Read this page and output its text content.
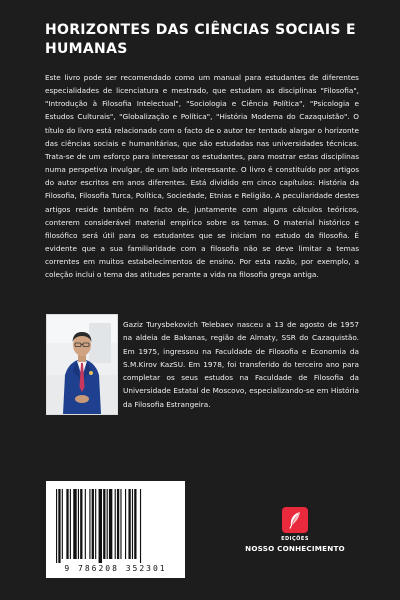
HORIZONTES DAS CIÊNCIAS SOCIAIS E HUMANAS

Este livro pode ser recomendado como um manual para estudantes de diferentes especialidades de licenciatura e mestrado, que estudam as disciplinas "Filosofia", "Introdução à Filosofia Intelectual", "Sociologia e Ciência Política", "Psicologia e Estudos Culturais", "Globalização e Política", "História Moderna do Cazaquistão". O título do livro está relacionado com o facto de o autor ter tentado alargar o horizonte das ciências sociais e humanitárias, que são estudadas nas universidades técnicas. Trata-se de um esforço para interessar os estudantes, para mostrar estas disciplinas numa perspetiva invulgar, de um lado interessante. O livro é constituído por artigos do autor escritos em anos diferentes. Está dividido em cinco capítulos: História da Filosofia, Filosofia Turca, Política, Sociedade, Etnias e Religião. A peculiaridade destes artigos reside também no facto de, juntamente com alguns cálculos teóricos, conterem considerável material empírico sobre os temas. O material histórico e filosófico será útil para os estudantes que se iniciam no estudo da filosofia. É evidente que a sua familiaridade com a filosofia não se deve limitar a temas correntes em muitos estabelecimentos de ensino. Por esta razão, por exemplo, a coleção inclui o tema das atitudes perante a vida na filosofia grega antiga.

Gaziz Turysbekovich Telebaev nasceu a 13 de agosto de 1957 na aldeia de Bakanas, região de Almaty, SSR do Cazaquistão. Em 1975, ingressou na Faculdade de Filosofia e Economia da S.M.Kirov KazSU. Em 1978, foi transferido do terceiro ano para completar os seus estudos na Faculdade de Filosofia da Universidade Estatal de Moscovo, especializando-se em História da Filosofia Estrangeira.

9 786208 352301
EDIÇÕES
NOSSO CONHECIMENTO
